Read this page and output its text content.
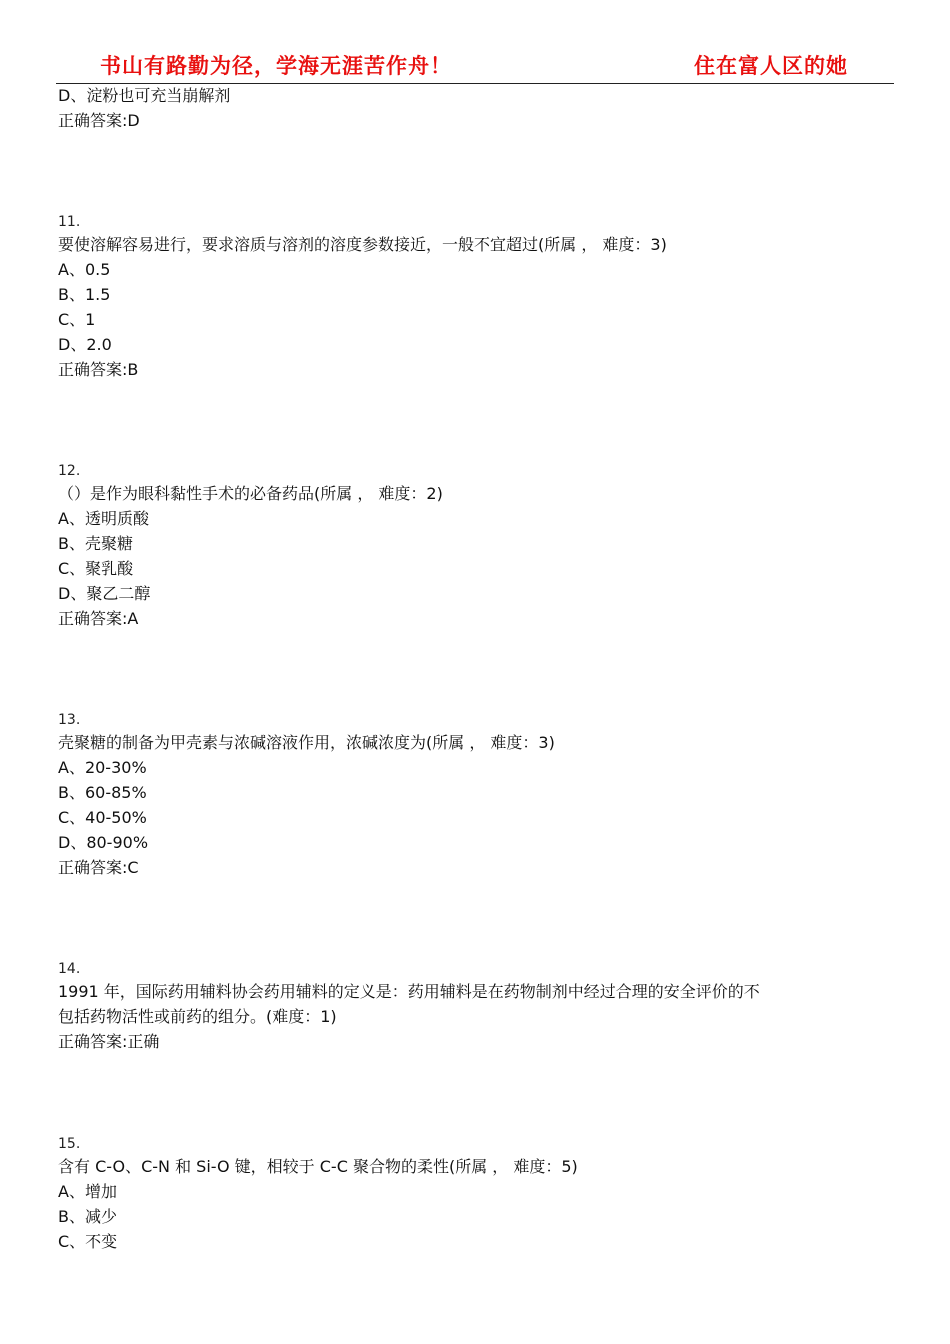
书山有路勤为径，学海无涯苦作舟！	住在富人区的她
D、淀粉也可充当崩解剂
正确答案:D
11.
要使溶解容易进行，要求溶质与溶剂的溶度参数接近，一般不宜超过(所属 ， 难度：3)
A、0.5
B、1.5
C、1
D、2.0
正确答案:B
12.
（）是作为眼科黏性手术的必备药品(所属 ， 难度：2)
A、透明质酸
B、壳聚糖
C、聚乳酸
D、聚乙二醇
正确答案:A
13.
壳聚糖的制备为甲壳素与浓碱溶液作用，浓碱浓度为(所属 ， 难度：3)
A、20-30%
B、60-85%
C、40-50%
D、80-90%
正确答案:C
14.
1991 年，国际药用辅料协会药用辅料的定义是：药用辅料是在药物制剂中经过合理的安全评价的不
包括药物活性或前药的组分。(难度：1)
正确答案:正确
15.
含有 C-O、C-N 和 Si-O 键，相较于 C-C 聚合物的柔性(所属 ， 难度：5)
A、增加
B、减少
C、不变
